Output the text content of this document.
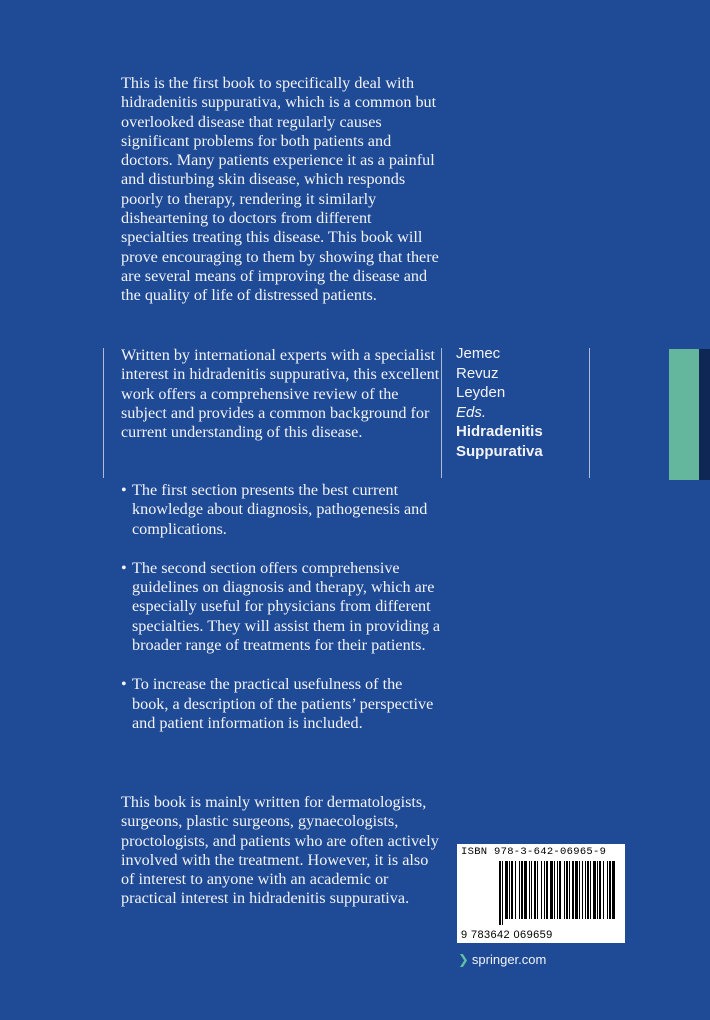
This is the first book to specifically deal with hidradenitis suppurativa, which is a common but overlooked disease that regularly causes significant problems for both patients and doctors. Many patients experience it as a painful and disturbing skin disease, which responds poorly to therapy, rendering it similarly disheartening to doctors from different specialties treating this disease. This book will prove encouraging to them by showing that there are several means of improving the disease and the quality of life of distressed patients.

Written by international experts with a specialist interest in hidradenitis suppurativa, this excellent work offers a comprehensive review of the subject and provides a common background for current understanding of this disease.

Jemec
Revuz
Leyden
Eds.
Hidradenitis
Suppurativa
• The first section presents the best current knowledge about diagnosis, pathogenesis and complications.
• The second section offers comprehensive guidelines on diagnosis and therapy, which are especially useful for physicians from different specialties. They will assist them in providing a broader range of treatments for their patients.
• To increase the practical usefulness of the book, a description of the patients’ perspective and patient information is included.

This book is mainly written for dermatologists, surgeons, plastic surgeons, gynaecologists, proctologists, and patients who are often actively involved with the treatment. However, it is also of interest to anyone with an academic or practical interest in hidradenitis suppurativa.

ISBN 978-3-642-06965-9
9 783642 069659
❯ springer.com
